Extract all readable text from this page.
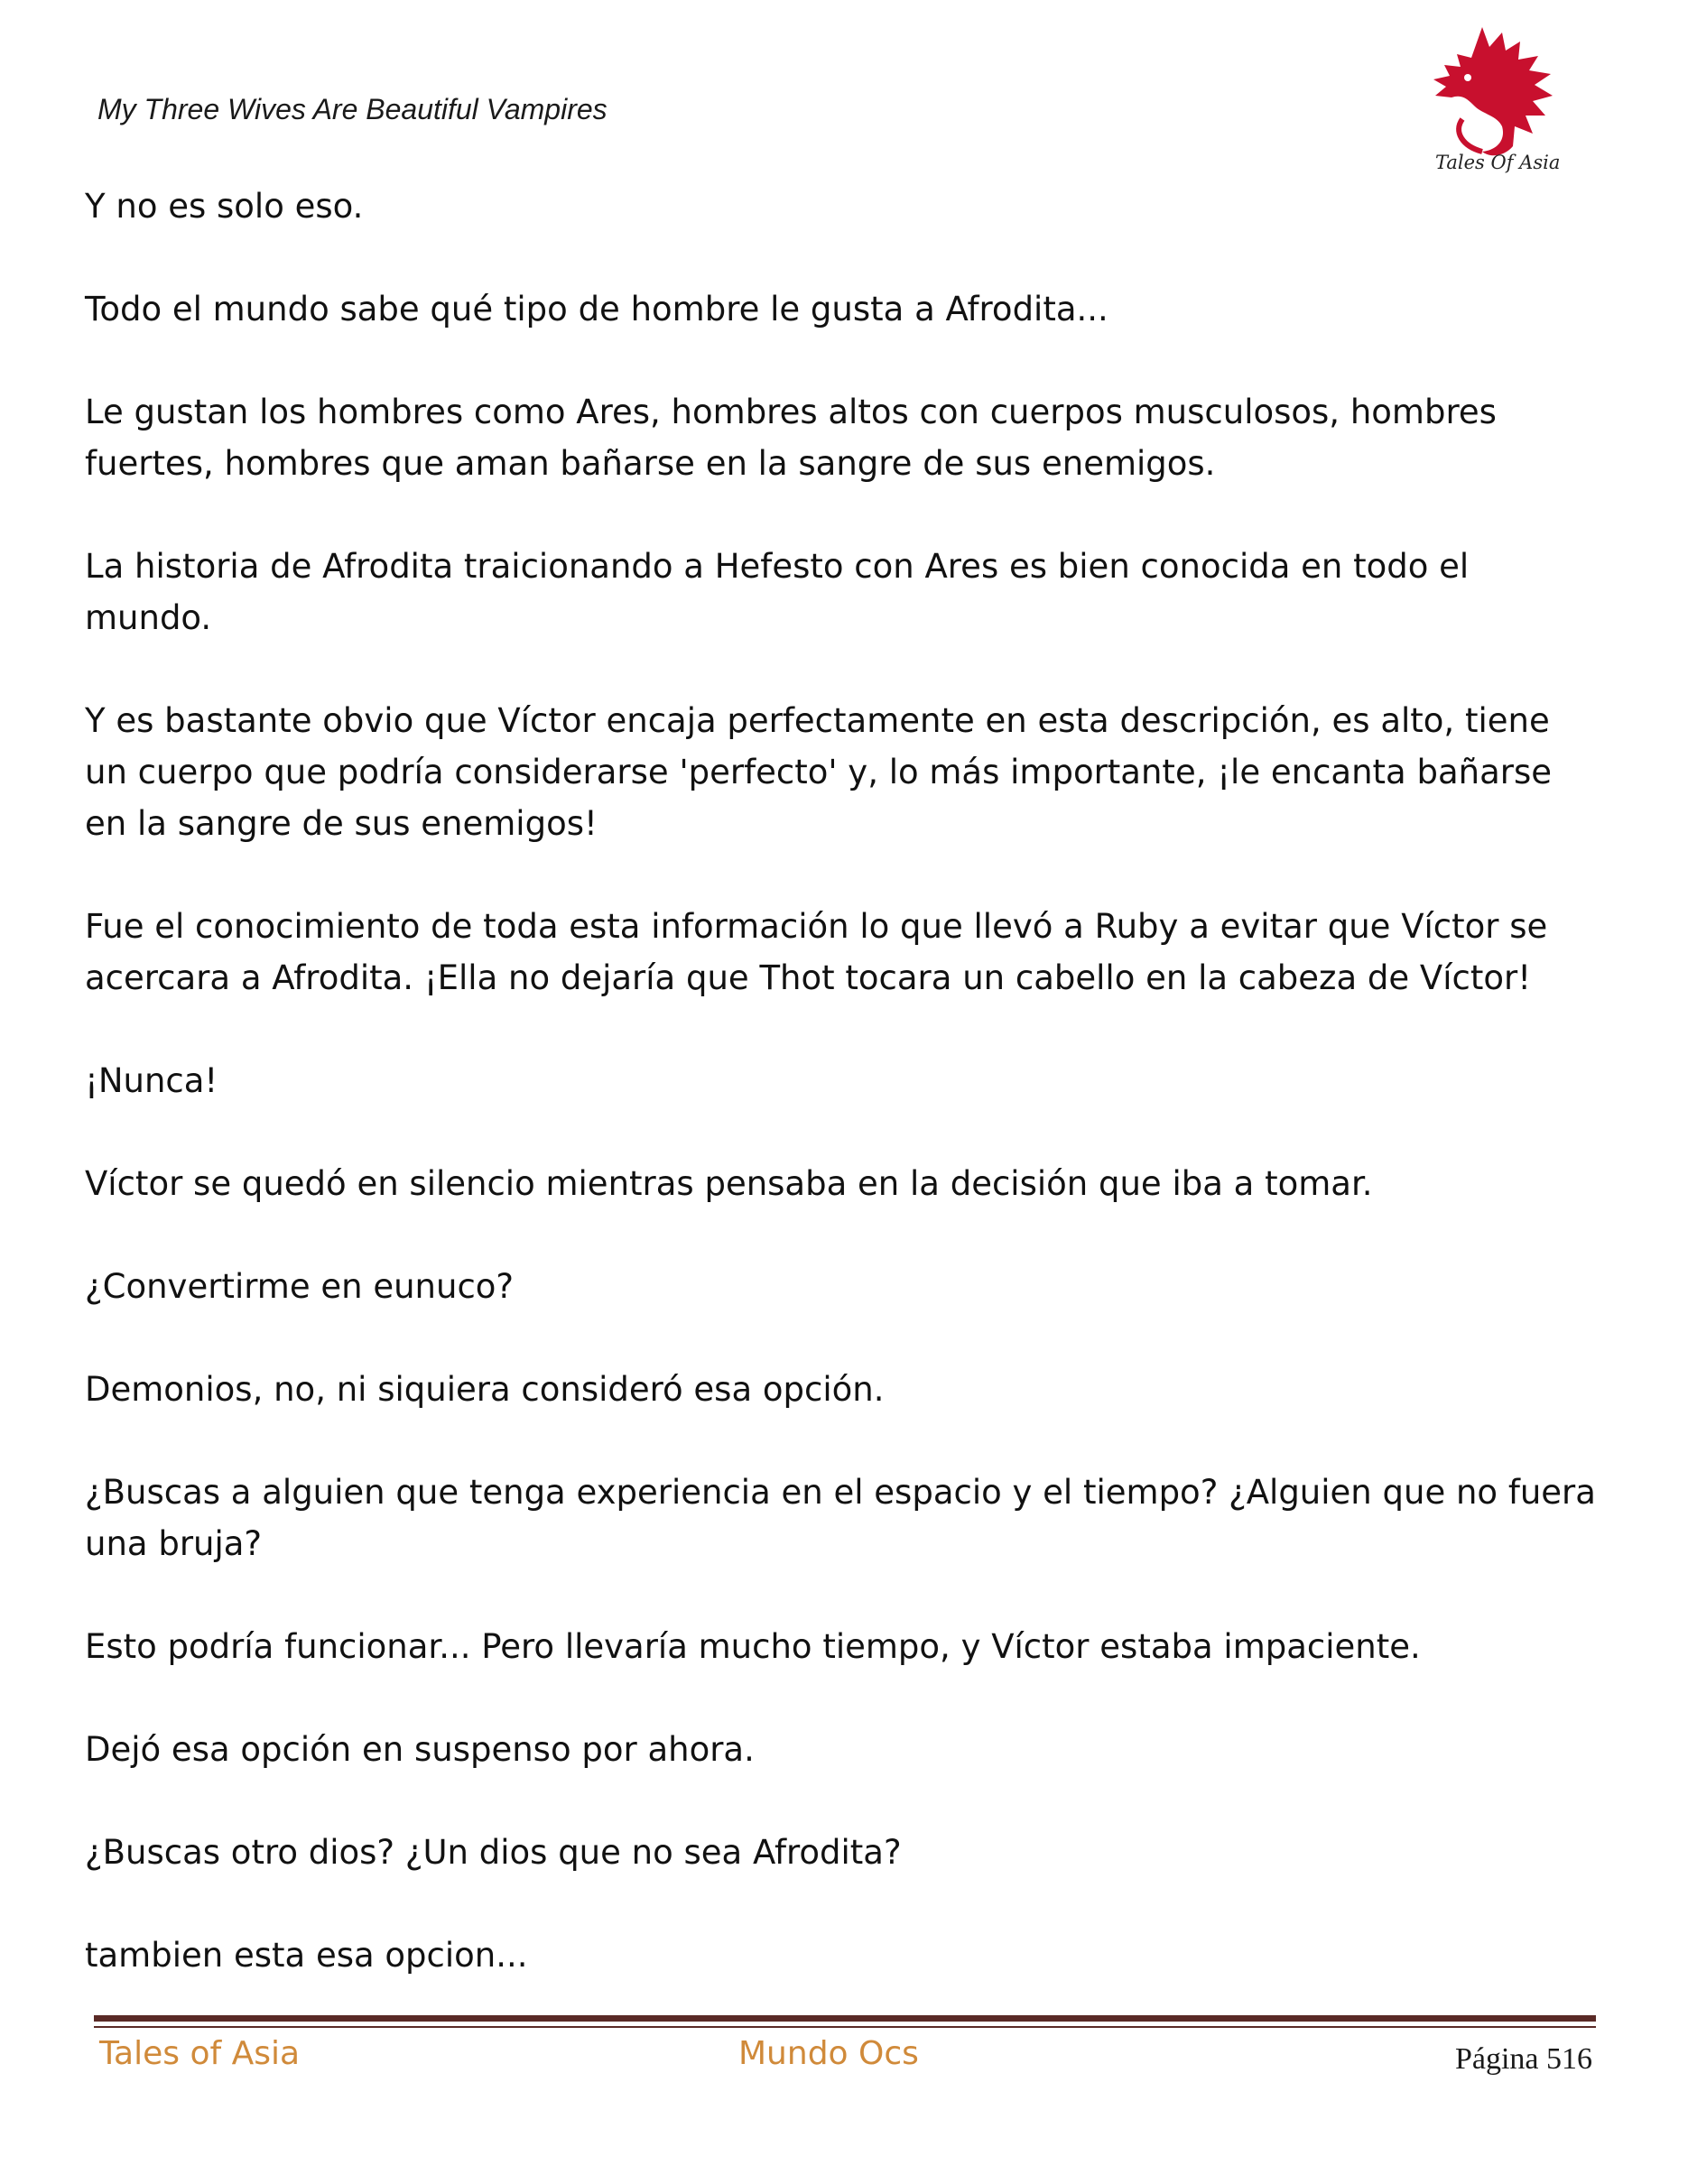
My Three Wives Are Beautiful Vampires
Tales Of Asia

Y no es solo eso.

Todo el mundo sabe qué tipo de hombre le gusta a Afrodita...

Le gustan los hombres como Ares, hombres altos con cuerpos musculosos, hombres fuertes, hombres que aman bañarse en la sangre de sus enemigos.

La historia de Afrodita traicionando a Hefesto con Ares es bien conocida en todo el mundo.

Y es bastante obvio que Víctor encaja perfectamente en esta descripción, es alto, tiene un cuerpo que podría considerarse 'perfecto' y, lo más importante, ¡le encanta bañarse en la sangre de sus enemigos!

Fue el conocimiento de toda esta información lo que llevó a Ruby a evitar que Víctor se acercara a Afrodita. ¡Ella no dejaría que Thot tocara un cabello en la cabeza de Víctor!

¡Nunca!

Víctor se quedó en silencio mientras pensaba en la decisión que iba a tomar.

¿Convertirme en eunuco?

Demonios, no, ni siquiera consideró esa opción.

¿Buscas a alguien que tenga experiencia en el espacio y el tiempo? ¿Alguien que no fuera una bruja?

Esto podría funcionar... Pero llevaría mucho tiempo, y Víctor estaba impaciente.

Dejó esa opción en suspenso por ahora.

¿Buscas otro dios? ¿Un dios que no sea Afrodita?

tambien esta esa opcion...

Tales of Asia	Mundo Ocs	Página 516
